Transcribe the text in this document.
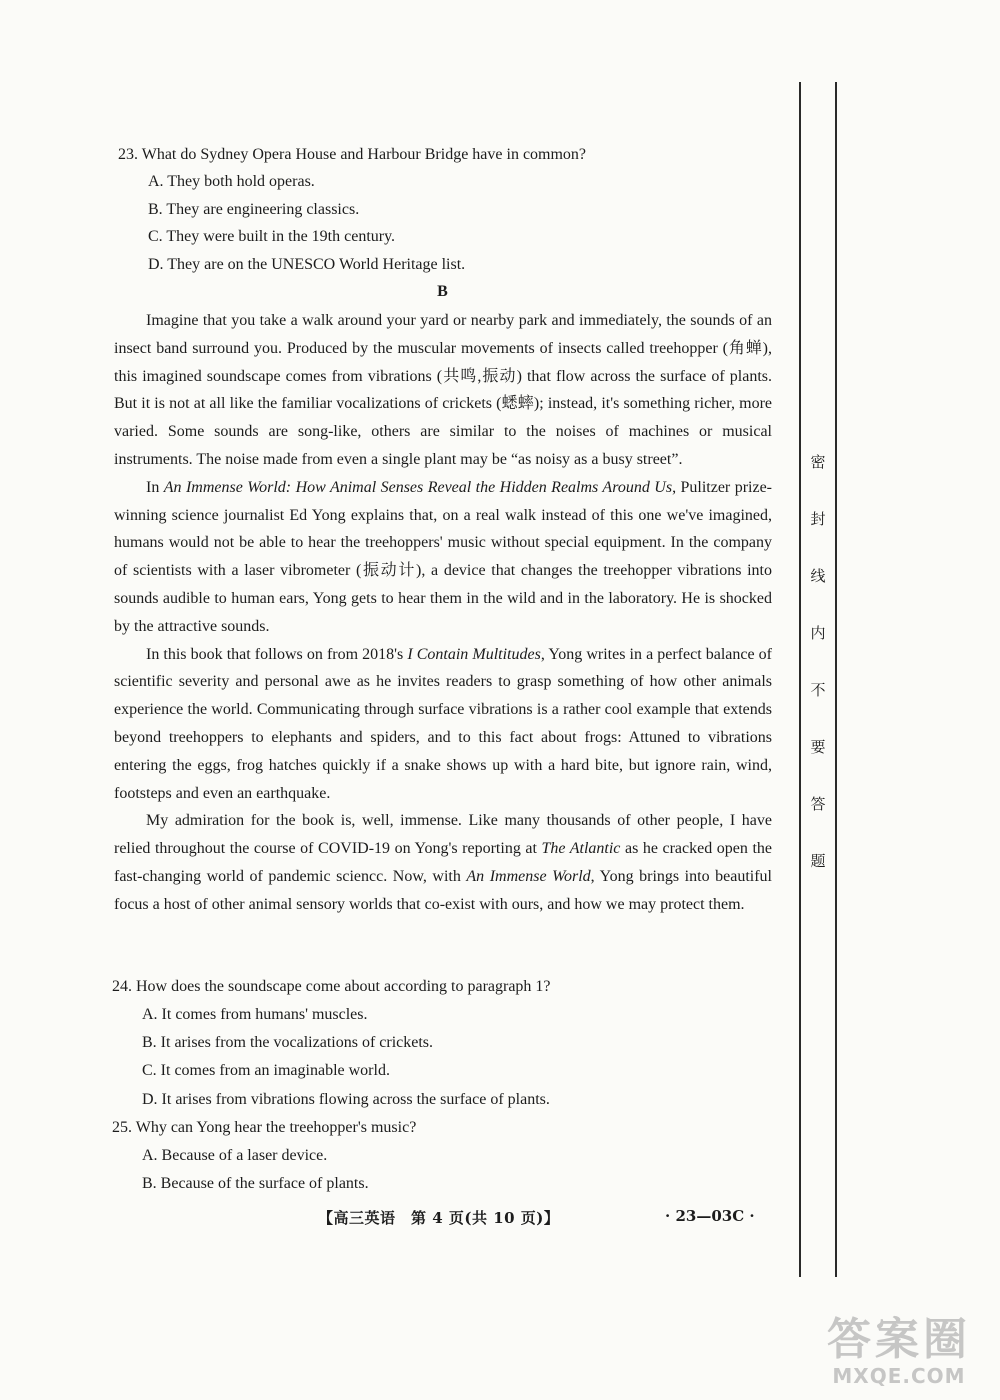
23. What do Sydney Opera House and Harbour Bridge have in common?
A. They both hold operas.
B. They are engineering classics.
C. They were built in the 19th century.
D. They are on the UNESCO World Heritage list.
B

Imagine that you take a walk around your yard or nearby park and immediately, the sounds of an insect band surround you. Produced by the muscular movements of insects called treehopper (角蝉), this imagined soundscape comes from vibrations (共鸣,振动) that flow across the surface of plants. But it is not at all like the familiar vocalizations of crickets (蟋蟀); instead, it's something richer, more varied. Some sounds are song-like, others are similar to the noises of machines or musical instruments. The noise made from even a single plant may be “as noisy as a busy street”.

In An Immense World: How Animal Senses Reveal the Hidden Realms Around Us, Pulitzer prize-winning science journalist Ed Yong explains that, on a real walk instead of this one we've imagined, humans would not be able to hear the treehoppers' music without special equipment. In the company of scientists with a laser vibrometer (振动计), a device that changes the treehopper vibrations into sounds audible to human ears, Yong gets to hear them in the wild and in the laboratory. He is shocked by the attractive sounds.

In this book that follows on from 2018's I Contain Multitudes, Yong writes in a perfect balance of scientific severity and personal awe as he invites readers to grasp something of how other animals experience the world. Communicating through surface vibrations is a rather cool example that extends beyond treehoppers to elephants and spiders, and to this fact about frogs: Attuned to vibrations entering the eggs, frog hatches quickly if a snake shows up with a hard bite, but ignore rain, wind, footsteps and even an earthquake.

My admiration for the book is, well, immense. Like many thousands of other people, I have relied throughout the course of COVID-19 on Yong's reporting at The Atlantic as he cracked open the fast-changing world of pandemic sciencc. Now, with An Immense World, Yong brings into beautiful focus a host of other animal sensory worlds that co-exist with ours, and how we may protect them.

24. How does the soundscape come about according to paragraph 1?
A. It comes from humans' muscles.
B. It arises from the vocalizations of crickets.
C. It comes from an imaginable world.
D. It arises from vibrations flowing across the surface of plants.
25. Why can Yong hear the treehopper's music?
A. Because of a laser device.
B. Because of the surface of plants.
【高三英语　第 4 页(共 10 页)】	· 23—03C ·
密
封
线
内
不
要
答
题
答案圈
MXQE.COM
